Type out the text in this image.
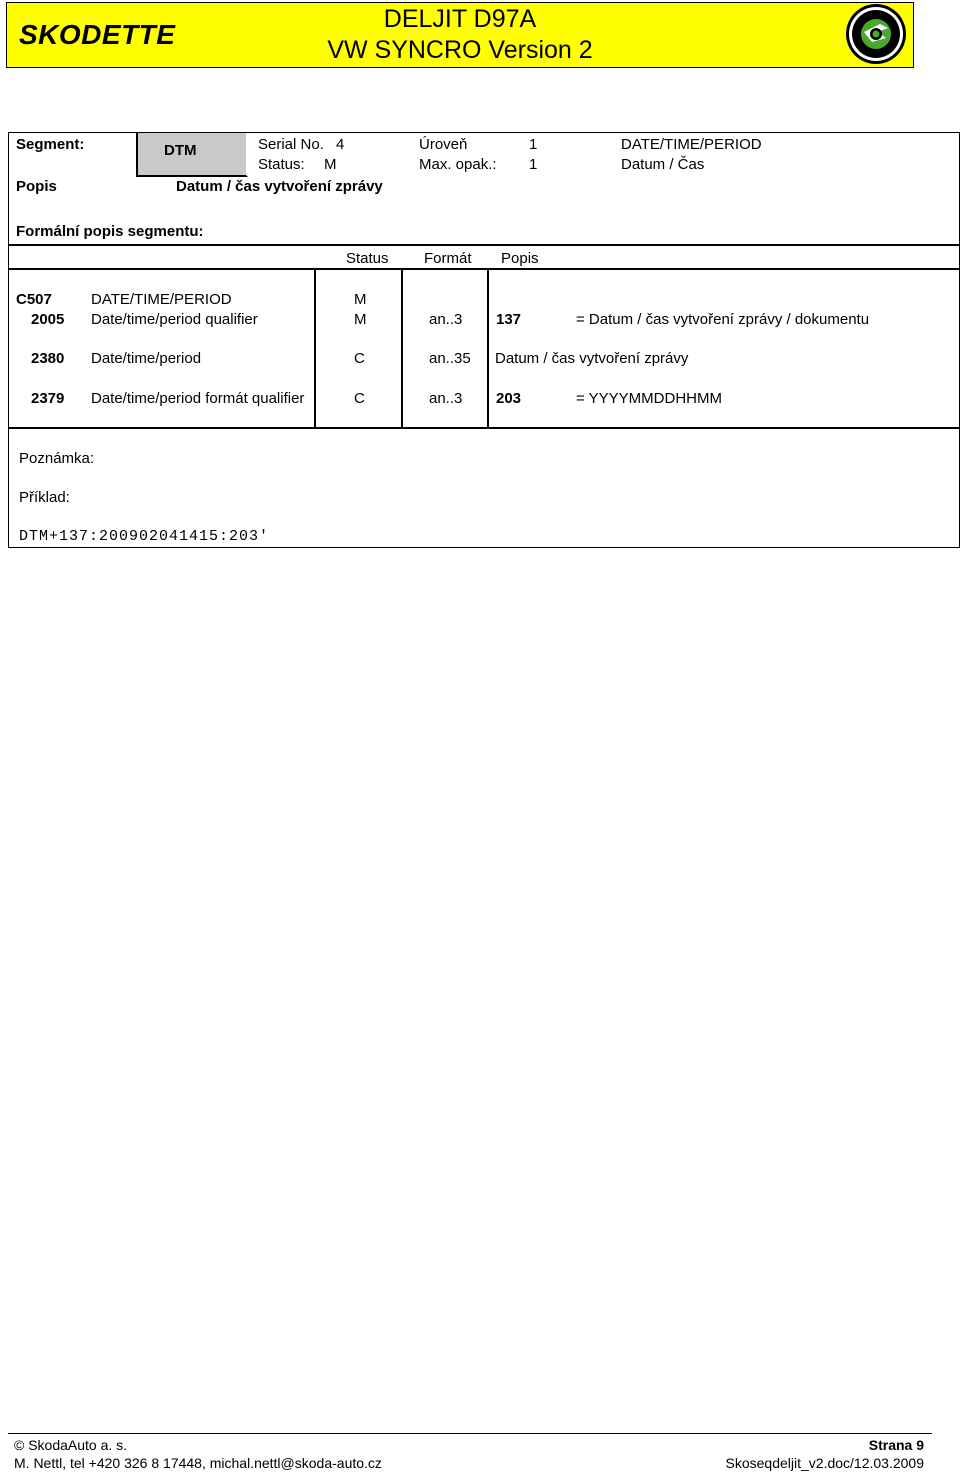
SKODETTE	DELJIT D97A
VW SYNCRO Version 2
DTM
Segment:	Serial No. 4	Úroveň	1	DATE/TIME/PERIOD
Status: M	Max. opak.: 1	Datum / Čas
Popis	Datum / čas vytvoření zprávy
Formální popis segmentu:
Status Formát Popis
C507	DATE/TIME/PERIOD	M
2005 Date/time/period qualifier	M	an..3 137	= Datum / čas vytvoření zprávy / dokumentu
2380 Date/time/period	C	an..35 Datum / čas vytvoření zprávy
2379 Date/time/period formát qualifier	C	an..3 203	= YYYYMMDDHHMM
Poznámka:
Příklad:
DTM+137:200902041415:203'
© SkodaAuto a. s.	Strana 9
M. Nettl, tel +420 326 8 17448, michal.nettl@skoda-auto.cz	Skoseqdeljit_v2.doc/12.03.2009
